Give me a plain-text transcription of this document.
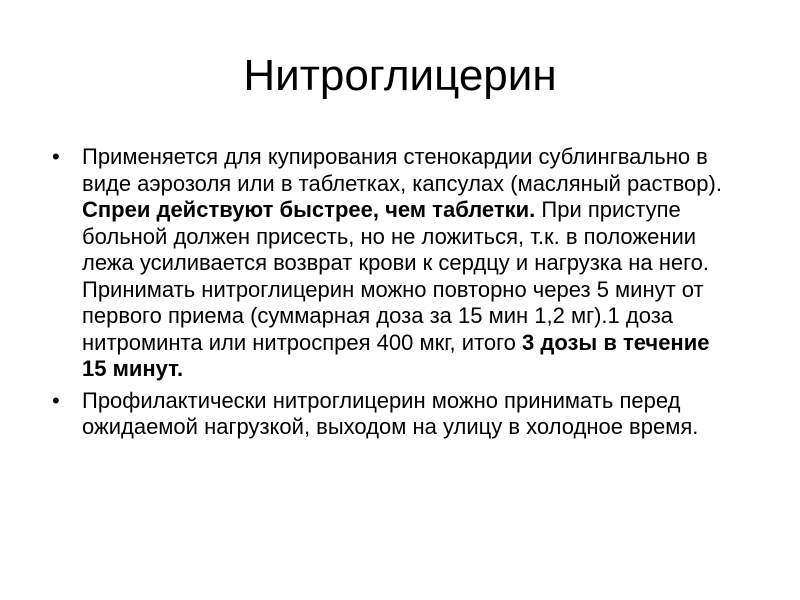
Нитроглицерин
• Применяется для купирования стенокардии сублингвально в виде аэрозоля или в таблетках, капсулах (масляный раствор). Спреи действуют быстрее, чем таблетки. При приступе больной должен присесть, но не ложиться, т.к. в положении лежа усиливается возврат крови к сердцу и нагрузка на него. Принимать нитроглицерин можно повторно через 5 минут от первого приема (суммарная доза за 15 мин 1,2 мг).1 доза нитроминта или нитроспрея 400 мкг, итого 3 дозы в течение 15 минут.
• Профилактически нитроглицерин можно принимать перед ожидаемой нагрузкой, выходом на улицу в холодное время.
